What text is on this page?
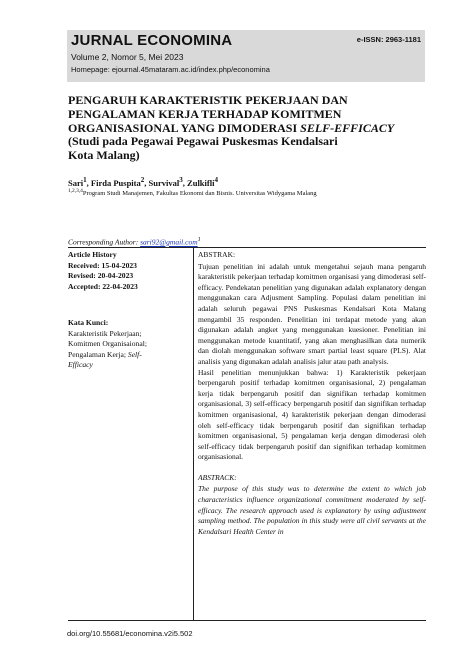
JURNAL ECONOMINA	e-ISSN: 2963-1181
Volume 2, Nomor 5, Mei 2023
Homepage: ejournal.45mataram.ac.id/index.php/economina
PENGARUH KARAKTERISTIK PEKERJAAN DAN
PENGALAMAN KERJA TERHADAP KOMITMEN
ORGANISASIONAL YANG DIMODERASI SELF-EFFICACY
(Studi pada Pegawai Pegawai Puskesmas Kendalsari
Kota Malang)
Sari$^1$, Firda Puspita$^2$, Survival$^3$, Zulkifli$^4$
$^{1,2,3,4}$Program Studi Manajemen, Fakultas Ekonomi dan Bisnis. Universitas Widygama Malang
Corresponding Author: sari92@gmail.com$^1$
Article History
Received: 15-04-2023
Revised: 20-04-2023
Accepted: 22-04-2023
Kata Kunci:
Karakteristik Pekerjaan;
Komitmen Organisaional;
Pengalaman Kerja; Self-
Efficacy

ABSTRAK:

Tujuan penelitian ini adalah untuk mengetahui sejauh mana pengaruh karakteristik pekerjaan terhadap komitmen organisasi yang dimoderasi self-efficacy. Pendekatan penelitian yang digunakan adalah explanatory dengan menggunakan cara Adjusment Sampling. Populasi dalam penelitian ini adalah seluruh pegawai PNS Puskesmas Kendalsari Kota Malang mengambil 35 responden. Penelitian ini terdapat metode yang akan digunakan adalah angket yang menggunakan kuesioner. Penelitian ini menggunakan metode kuantitatif, yang akan menghasilkan data numerik dan diolah menggunakan software smart partial least square (PLS). Alat analisis yang digunakan adalah analisis jalur atau path analysis.

Hasil penelitian menunjukkan bahwa: 1) Karakteristik pekerjaan berpengaruh positif terhadap komitmen organisasional, 2) pengalaman kerja tidak berpengaruh positif dan signifikan terhadap komitmen organisasional, 3) self-efficacy berpengaruh positif dan signifikan terhadap komitmen organisasional, 4) karakteristik pekerjaan dengan dimoderasi oleh self-efficacy tidak berpengaruh positif dan signifikan terhadap komitmen organisasional, 5) pengalaman kerja dengan dimoderasi oleh self-efficacy tidak berpengaruh positif dan signifikan terhadap komitmen organisasional.

ABSTRACK:

The purpose of this study was to determine the extent to which job characteristics influence organizational commitment moderated by self-efficacy. The research approach used is explanatory by using adjustment sampling method. The population in this study were all civil servants at the Kendalsari Health Center in

doi.org/10.55681/economina.v2i5.502
